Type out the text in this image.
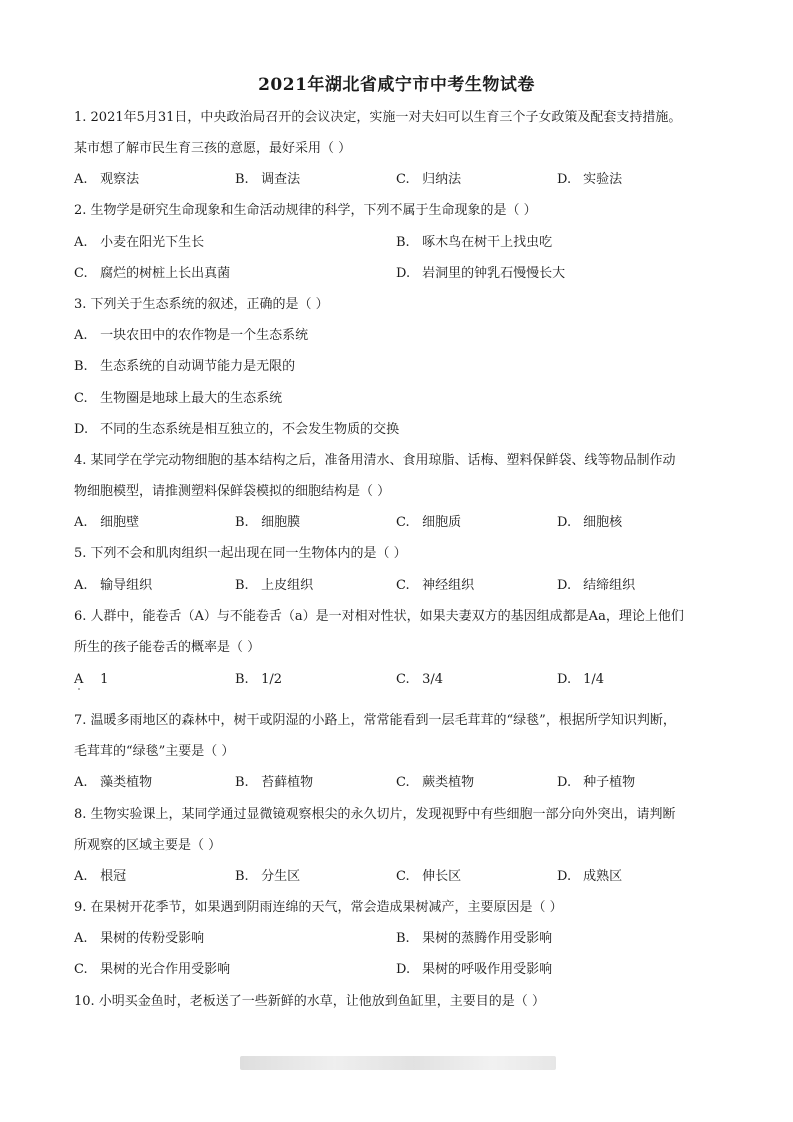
2021年湖北省咸宁市中考生物试卷
1. 2021年5月31日，中央政治局召开的会议决定，实施一对夫妇可以生育三个子女政策及配套支持措施。
某市想了解市民生育三孩的意愿，最好采用（ ）
A. 观察法	B. 调查法	C. 归纳法	D. 实验法
2. 生物学是研究生命现象和生命活动规律的科学，下列不属于生命现象的是（ ）
A. 小麦在阳光下生长	B. 啄木鸟在树干上找虫吃
C. 腐烂的树桩上长出真菌	D. 岩洞里的钟乳石慢慢长大
3. 下列关于生态系统的叙述，正确的是（ ）
A. 一块农田中的农作物是一个生态系统
B. 生态系统的自动调节能力是无限的
C. 生物圈是地球上最大的生态系统
D. 不同的生态系统是相互独立的，不会发生物质的交换
4. 某同学在学完动物细胞的基本结构之后，准备用清水、食用琼脂、话梅、塑料保鲜袋、线等物品制作动
物细胞模型，请推测塑料保鲜袋模拟的细胞结构是（ ）
A. 细胞壁	B. 细胞膜	C. 细胞质	D. 细胞核
5. 下列不会和肌肉组织一起出现在同一生物体内的是（ ）
A. 输导组织	B. 上皮组织	C. 神经组织	D. 结缔组织
6. 人群中，能卷舌（A）与不能卷舌（a）是一对相对性状，如果夫妻双方的基因组成都是Aa，理论上他们
所生的孩子能卷舌的概率是（ ）
A 1	B. 1/2	C. 3/4	D. 1/4
7. 温暖多雨地区的森林中，树干或阴湿的小路上，常常能看到一层毛茸茸的“绿毯”，根据所学知识判断，
毛茸茸的“绿毯”主要是（ ）
A. 藻类植物	B. 苔藓植物	C. 蕨类植物	D. 种子植物
8. 生物实验课上，某同学通过显微镜观察根尖的永久切片，发现视野中有些细胞一部分向外突出，请判断
所观察的区域主要是（ ）
A. 根冠	B. 分生区	C. 伸长区	D. 成熟区
9. 在果树开花季节，如果遇到阴雨连绵的天气，常会造成果树减产，主要原因是（ ）
A. 果树的传粉受影响	B. 果树的蒸腾作用受影响
C. 果树的光合作用受影响	D. 果树的呼吸作用受影响
10. 小明买金鱼时，老板送了一些新鲜的水草，让他放到鱼缸里，主要目的是（ ）
